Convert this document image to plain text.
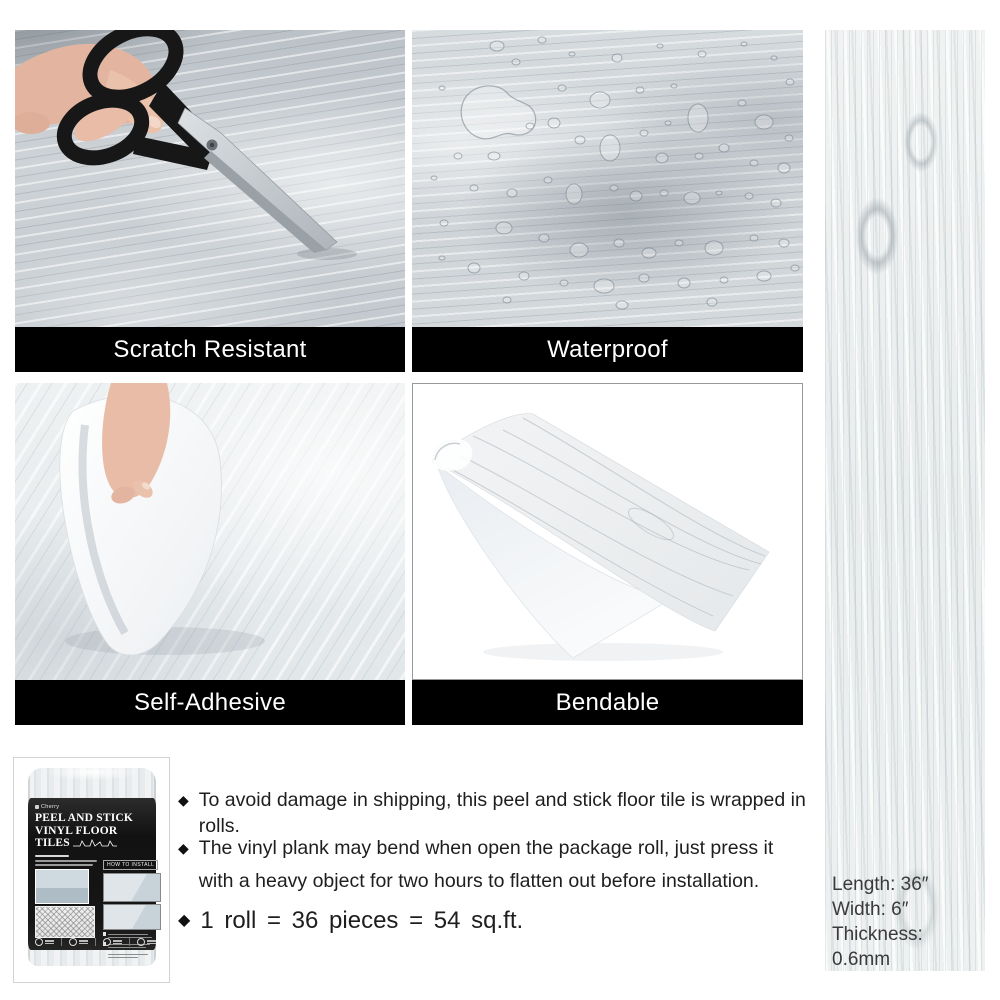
Scratch Resistant	Waterproof
Self-Adhesive	Bendable
Length: 36″
Width: 6″
Thickness: 0.6mm
Cherry
PEEL AND STICK
VINYL FLOOR
TILES
HOW TO INSTALL
◆ To avoid damage in shipping, this peel and stick floor tile is wrapped in rolls.
◆ The vinyl plank may bend when open the package roll, just press it with a heavy object for two hours to flatten out before installation.
◆ 1 roll = 36 pieces = 54 sq.ft.
